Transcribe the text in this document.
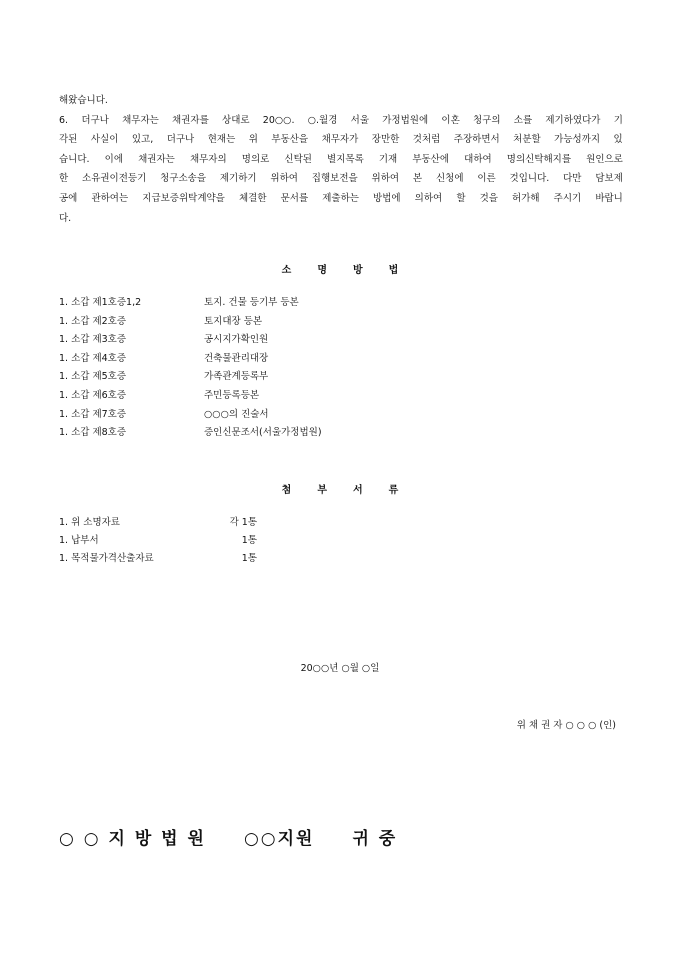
해왔습니다.
6. 더구나 채무자는 채권자를 상대로 20○○. ○.월경 서울 가정법원에 이혼 청구의 소를 제기하였다가 기
각된 사실이 있고, 더구나 현재는 위 부동산을 채무자가 장만한 것처럼 주장하면서 처분할 가능성까지 있
습니다. 이에 채권자는 채무자의 명의로 신탁된 별지목록 기재 부동산에 대하여 명의신탁해지를 원인으로
한 소유권이전등기 청구소송을 제기하기 위하여 집행보전을 위하여 본 신청에 이른 것입니다. 다만 담보제
공에 관하여는 지급보증위탁계약을 체결한 문서를 제출하는 방법에 의하여 할 것을 허가해 주시기 바랍니
다.
소	명	방	법
1. 소갑 제1호증1,2	토지. 건물 등기부 등본
1. 소갑 제2호증	토지대장 등본
1. 소갑 제3호증	공시지가확인원
1. 소갑 제4호증	건축물관리대장
1. 소갑 제5호증	가족관계등록부
1. 소갑 제6호증	주민등록등본
1. 소갑 제7호증	○○○의 진술서
1. 소갑 제8호증	증인신문조서(서울가정법원)
첨	부	서	류
1. 위 소명자료	각 1통
1. 납부서	1통
1. 목적물가격산출자료	1통
20○○년 ○월 ○일
위 채 권 자 ○ ○ ○ (인)
○ ○ 지 방 법 원 ○○지원 귀 중
